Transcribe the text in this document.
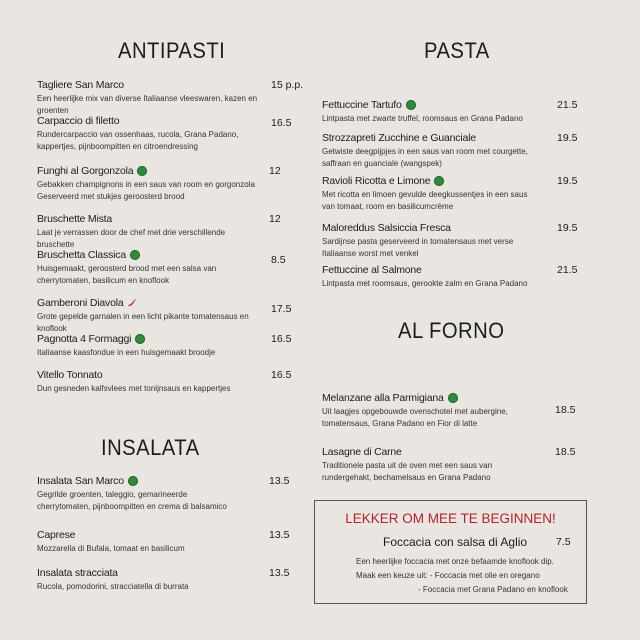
ANTIPASTI
Tagliere San Marco
Een heerlijke mix van diverse Italiaanse vleeswaren, kazen en groenten
15 p.p.
Carpaccio di filetto
Rundercarpaccio van ossenhaas, rucola, Grana Padano, kappertjes, pijnboompitten en citroendressing
16.5
Funghi al Gorgonzola
Gebakken champignons in een saus van room en gorgonzola Geserveerd met stukjes geroosterd brood
12
Bruschette Mista
Laat je verrassen door de chef met drie verschillende bruschette
12
Bruschetta Classica
Huisgemaakt, geroosterd brood met een salsa van cherrytomaten, basilicum en knoflook
8.5
Gamberoni Diavola
Grote gepelde garnalen in een licht pikante tomatensaus en knoflook
17.5
Pagnotta 4 Formaggi
Italiaanse kaasfondue in een huisgemaakt broodje
16.5
Vitello Tonnato
Dun gesneden kalfsvlees met tonijnsaus en kappertjes
16.5
INSALATA
Insalata San Marco
Gegrilde groenten, taleggio, gemarineerde cherrytomaten, pijnboompitten en crema di balsamico
13.5
Caprese
Mozzarella di Bufala, tomaat en basilicum
13.5
Insalata stracciata
Rucola, pomodorini, stracciatella di burrata
13.5
PASTA
Fettuccine Tartufo
Lintpasta met zwarte truffel, roomsaus en Grana Padano
21.5
Strozzapreti Zucchine e Guanciale
Getwiste deegpijpjes in een saus van room met courgette, saffraan en guanciale (wangspek)
19.5
Ravioli Ricotta e Limone
Met ricotta en limoen gevulde deegkussentjes in een saus van tomaat, room en basilicumcrème
19.5
Maloreddus Salsiccia Fresca
Sardijnse pasta geserveerd in tomatensaus met verse Italiaanse worst met venkel
19.5
Fettuccine al Salmone
Lintpasta met roomsaus, gerookte zalm en Grana Padano
21.5
AL FORNO
Melanzane alla Parmigiana
Uit laagjes opgebouwde ovenschotel met aubergine, tomatensaus, Grana Padano en Fior di latte
18.5
Lasagne di Carne
Traditionele pasta uit de oven met een saus van rundergehakt, bechamelsaus en Grana Padano
18.5
LEKKER OM MEE TE BEGINNEN!
Foccacia con salsa di Aglio	7.5
Een heerlijke foccacia met onze befaamde knoflook dip.
Maak een keuze uit: - Foccacia met olie en oregano
- Foccacia met Grana Padano en knoflook
